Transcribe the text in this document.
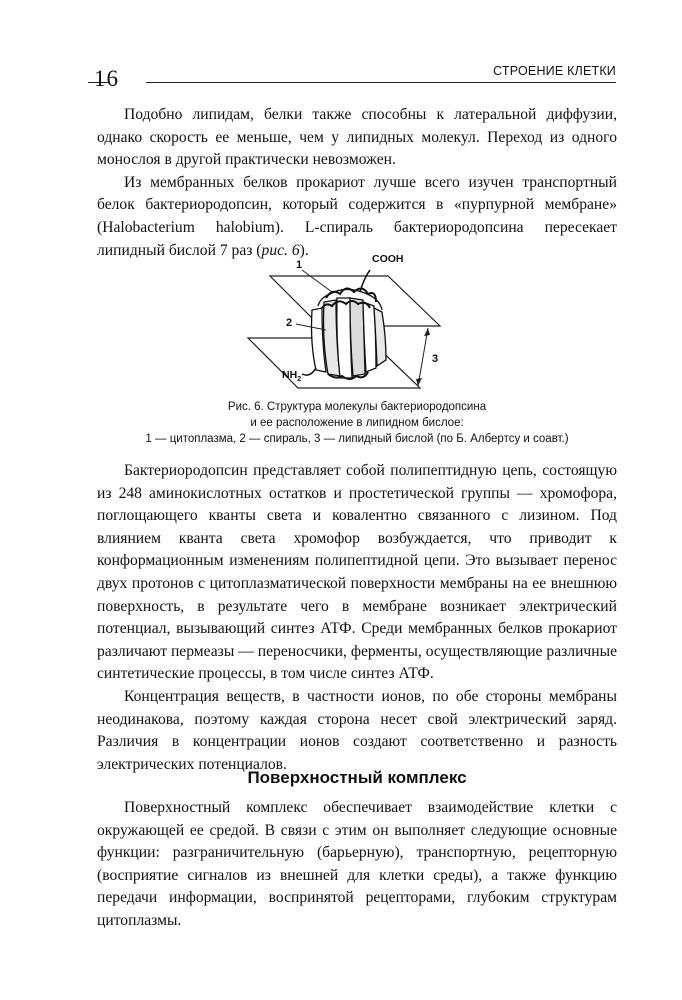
16	СТРОЕНИЕ КЛЕТКИ

Подобно липидам, белки также способны к латеральной диффузии, однако скорость ее меньше, чем у липидных молекул. Переход из одного монослоя в другой практически невозможен.

Из мембранных белков прокариот лучше всего изучен транспортный белок бактериородопсин, который содержится в «пурпурной мембране» (Halobacterium halobium). L-спираль бактериородопсина пересекает липидный бислой 7 раз (рис. 6).

COOH
1
2
3
$NH_2$
Рис. 6. Структура молекулы бактериородопсина
и ее расположение в липидном бислое:
1 — цитоплазма, 2 — спираль, 3 — липидный бислой (по Б. Албертсу и соавт.)

Бактериородопсин представляет собой полипептидную цепь, состоящую из 248 аминокислотных остатков и простетической группы — хромофора, поглощающего кванты света и ковалентно связанного с лизином. Под влиянием кванта света хромофор возбуждается, что приводит к конформационным изменениям полипептидной цепи. Это вызывает перенос двух протонов с цитоплазматической поверхности мембраны на ее внешнюю поверхность, в результате чего в мембране возникает электрический потенциал, вызывающий синтез АТФ. Среди мембранных белков прокариот различают пермеазы — переносчики, ферменты, осуществляющие различные синтетические процессы, в том числе синтез АТФ.

Концентрация веществ, в частности ионов, по обе стороны мембраны неодинакова, поэтому каждая сторона несет свой электрический заряд. Различия в концентрации ионов создают соответственно и разность электрических потенциалов.

Поверхностный комплекс

Поверхностный комплекс обеспечивает взаимодействие клетки с окружающей ее средой. В связи с этим он выполняет следующие основные функции: разграничительную (барьерную), транспортную, рецепторную (восприятие сигналов из внешней для клетки среды), а также функцию передачи информации, воспринятой рецепторами, глубоким структурам цитоплазмы.
